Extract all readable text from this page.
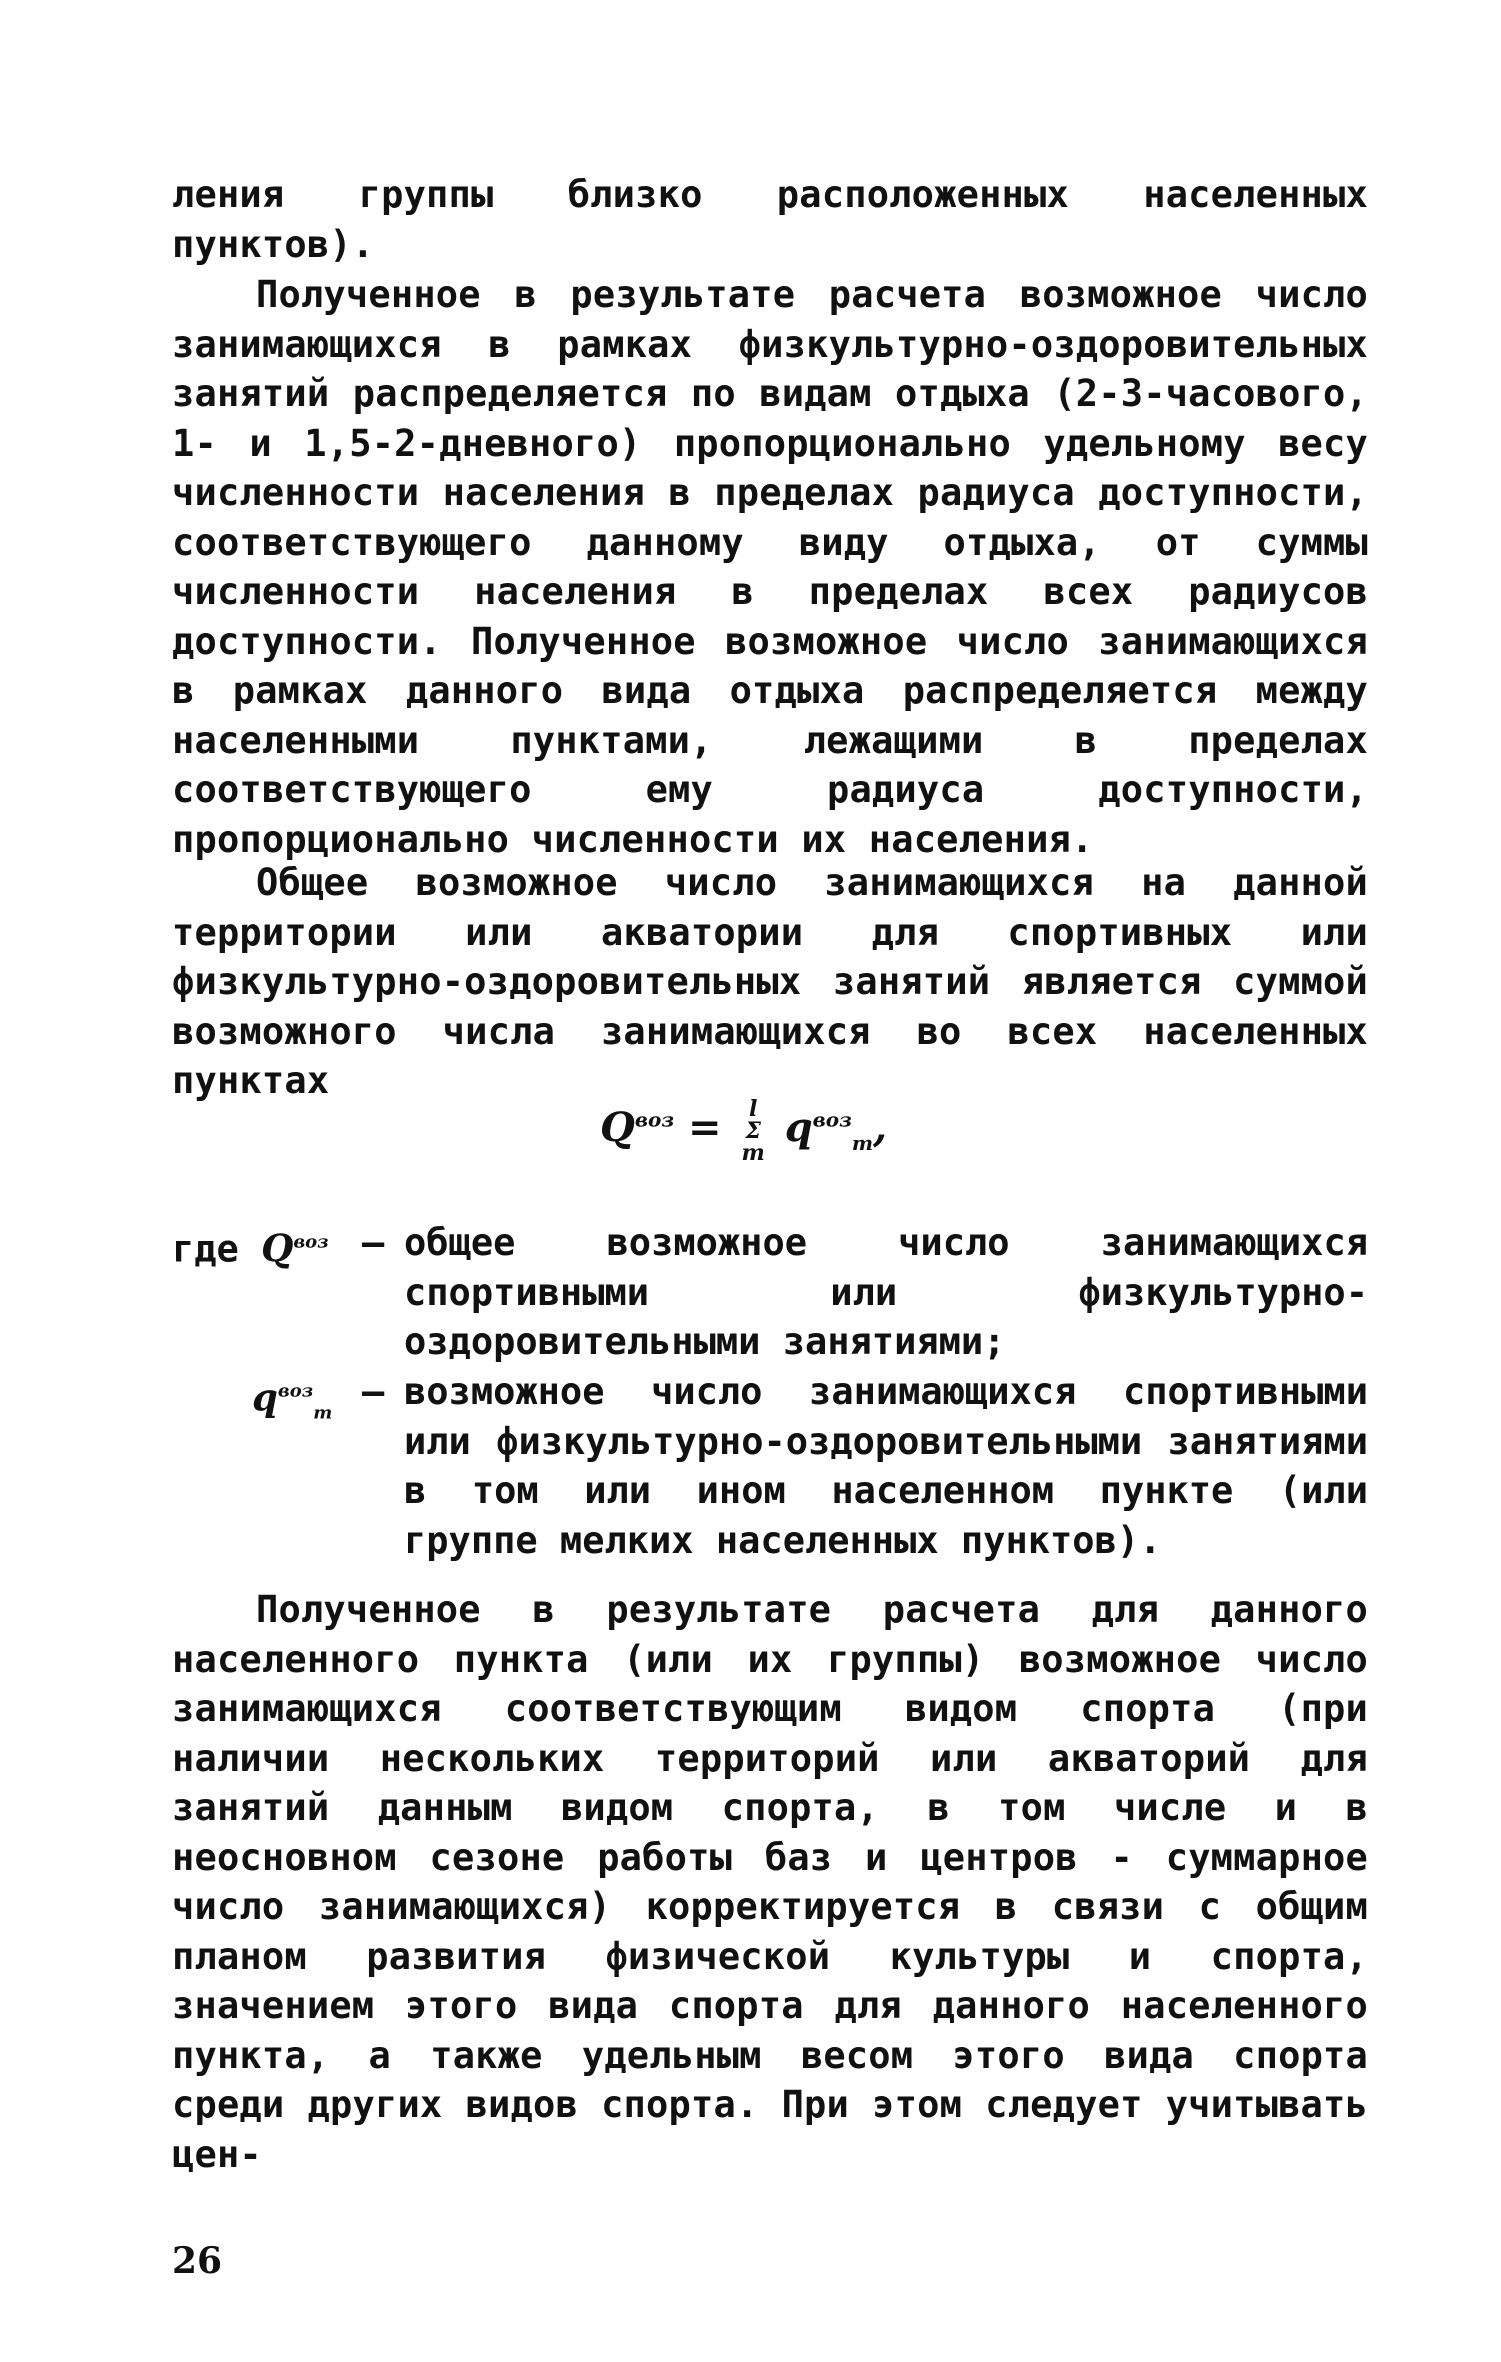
ления группы близко расположенных населенных пунктов).

Полученное в результате расчета возможное число занимающихся в рамках физкультурно-оздоровительных занятий распределяется по видам отдыха (2-3-часового, 1- и 1,5-2-дневного) пропорционально удельному весу численности населения в пределах радиуса доступности, соответствующего данному виду отдыха, от суммы численности населения в пределах всех радиусов доступности. Полученное возможное число занимающихся в рамках данного вида отдыха распределяется между населенными пунктами, лежащими в пределах соответствующего ему радиуса доступности, пропорционально численности их населения.

Общее возможное число занимающихся на данной территории или акватории для спортивных или физкультурно-оздоровительных занятий является суммой возможного числа занимающихся во всех населенных пунктах

$Q^{воз} = l$
Σ
m $q^{воз}_m$,
где $Q^{воз}$ – общее возможное число занимающихся спортивными или физкультурно-оздоровительными занятиями;
$q^{воз}_m$
– возможное число занимающихся спортивными или физкультурно-оздоровительными занятиями в том или ином населенном пункте (или группе мелких населенных пунктов).

Полученное в результате расчета для данного населенного пункта (или их группы) возможное число занимающихся соответствующим видом спорта (при наличии нескольких территорий или акваторий для занятий данным видом спорта, в том числе и в неосновном сезоне работы баз и центров - суммарное число занимающихся) корректируется в связи с общим планом развития физической культуры и спорта, значением этого вида спорта для данного населенного пункта, а также удельным весом этого вида спорта среди других видов спорта. При этом следует учитывать цен-

26
